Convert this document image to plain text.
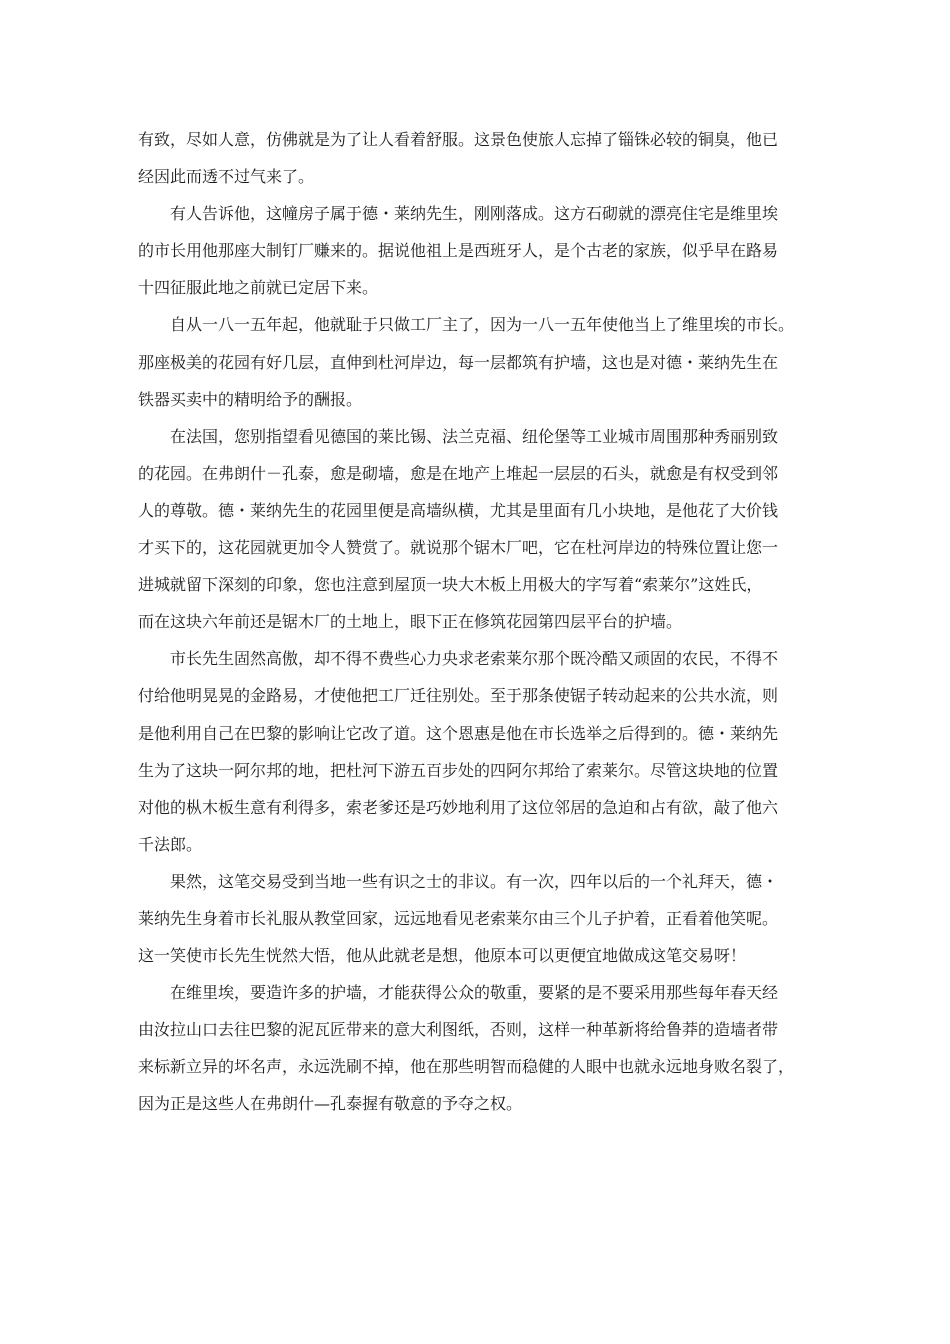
有致，尽如人意，仿佛就是为了让人看着舒服。这景色使旅人忘掉了锱铢必较的铜臭，他已
经因此而透不过气来了。

有人告诉他，这幢房子属于德・莱纳先生，刚刚落成。这方石砌就的漂亮住宅是维里埃
的市长用他那座大制钉厂赚来的。据说他祖上是西班牙人，是个古老的家族，似乎早在路易
十四征服此地之前就已定居下来。

自从一八一五年起，他就耻于只做工厂主了，因为一八一五年使他当上了维里埃的市长。
那座极美的花园有好几层，直伸到杜河岸边，每一层都筑有护墙，这也是对德・莱纳先生在
铁器买卖中的精明给予的酬报。

在法国，您别指望看见德国的莱比锡、法兰克福、纽伦堡等工业城市周围那种秀丽别致
的花园。在弗朗什－孔泰，愈是砌墙，愈是在地产上堆起一层层的石头，就愈是有权受到邻
人的尊敬。德・莱纳先生的花园里便是高墙纵横，尤其是里面有几小块地，是他花了大价钱
才买下的，这花园就更加令人赞赏了。就说那个锯木厂吧，它在杜河岸边的特殊位置让您一
进城就留下深刻的印象，您也注意到屋顶一块大木板上用极大的字写着“索莱尔”这姓氏，
而在这块六年前还是锯木厂的土地上，眼下正在修筑花园第四层平台的护墙。

市长先生固然高傲，却不得不费些心力央求老索莱尔那个既冷酷又顽固的农民，不得不
付给他明晃晃的金路易，才使他把工厂迁往别处。至于那条使锯子转动起来的公共水流，则
是他利用自己在巴黎的影响让它改了道。这个恩惠是他在市长选举之后得到的。德・莱纳先
生为了这块一阿尔邦的地，把杜河下游五百步处的四阿尔邦给了索莱尔。尽管这块地的位置
对他的枞木板生意有利得多，索老爹还是巧妙地利用了这位邻居的急迫和占有欲，敲了他六
千法郎。

果然，这笔交易受到当地一些有识之士的非议。有一次，四年以后的一个礼拜天，德・
莱纳先生身着市长礼服从教堂回家，远远地看见老索莱尔由三个儿子护着，正看着他笑呢。
这一笑使市长先生恍然大悟，他从此就老是想，他原本可以更便宜地做成这笔交易呀！

在维里埃，要造许多的护墙，才能获得公众的敬重，要紧的是不要采用那些每年春天经
由汝拉山口去往巴黎的泥瓦匠带来的意大利图纸，否则，这样一种革新将给鲁莽的造墙者带
来标新立异的坏名声，永远洗刷不掉，他在那些明智而稳健的人眼中也就永远地身败名裂了，
因为正是这些人在弗朗什—孔泰握有敬意的予夺之权。
